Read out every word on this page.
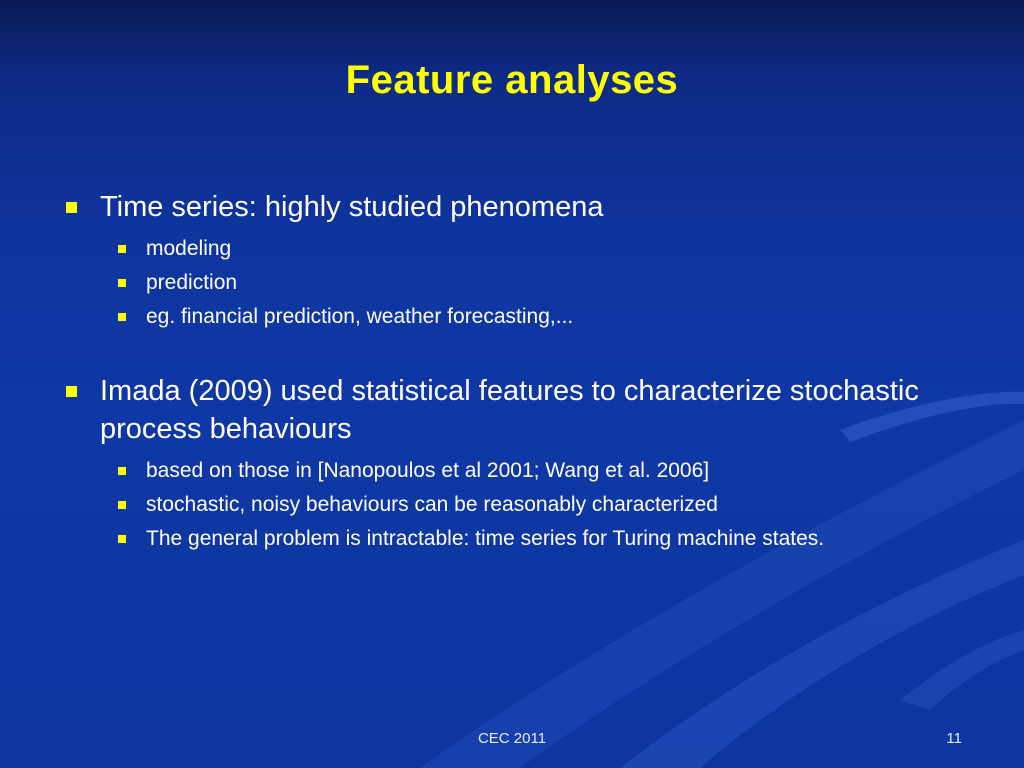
Feature analyses

Time series: highly studied phenomena

modeling

prediction

eg. financial prediction, weather forecasting,...

Imada (2009) used statistical features to characterize stochastic process behaviours

based on those in [Nanopoulos et al 2001; Wang et al. 2006]

stochastic, noisy behaviours can be reasonably characterized

The general problem is intractable: time series for Turing machine states.

CEC 2011	11
